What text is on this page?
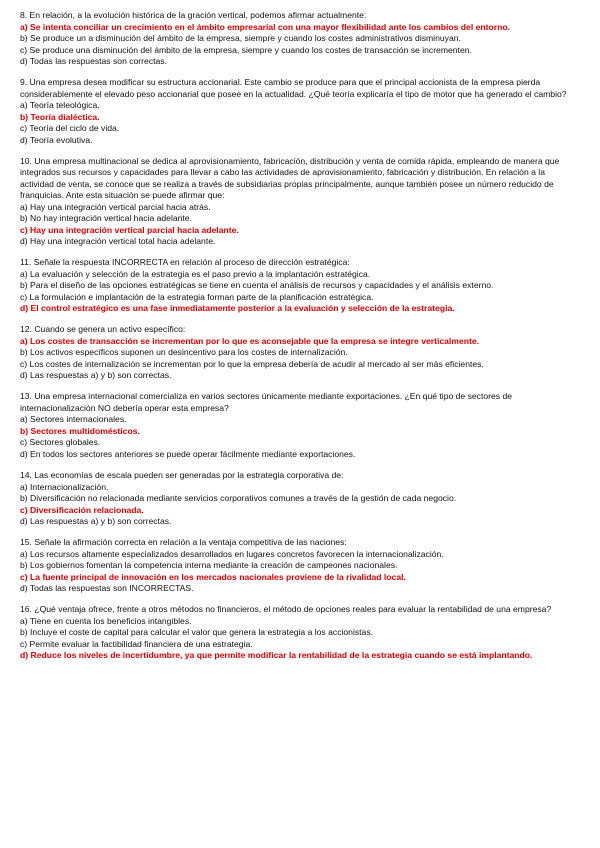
8. En relación, a la evolución histórica de la gración vertical, podemos afirmar actualmente:

a) Se intenta conciliar un crecimiento en el ámbito empresarial con una mayor flexibilidad ante los cambios del entorno.

b) Se produce un a disminución del ámbito de la empresa, siempre y cuando los costes administrativos disminuyan.

c) Se produce una disminución del ámbito de la empresa, siempre y cuando los costes de transacción se incrementen.

d) Todas las respuestas son correctas.

9. Una empresa desea modificar su estructura accionarial. Este cambio se produce para que el principal accionista de la empresa pierda considerablemente el elevado peso accionarial que posee en la actualidad. ¿Qué teoría explicaría el tipo de motor que ha generado el cambio?

a) Teoría teleológica.

b) Teoría dialéctica.

c) Teoría del ciclo de vida.

d) Teoría evolutiva.

10. Una empresa multinacional se dedica al aprovisionamiento, fabricación, distribución y venta de comida rápida, empleando de manera que integrados sus recursos y capacidades para llevar a cabo las actividades de aprovisionamiento, fabricación y distribución. En relación a la actividad de venta, se conoce que se realiza a través de subsidiarias propias principalmente, aunque también posee un número reducido de franquicias. Ante esta situación se puede afirmar que:

a) Hay una integración vertical parcial hacia atrás.

b) No hay integración vertical hacia adelante.

c) Hay una integración vertical parcial hacia adelante.

d) Hay una integración vertical total hacia adelante.

11. Señale la respuesta INCORRECTA en relación al proceso de dirección estratégica:

a) La evaluación y selección de la estrategia es el paso previo a la implantación estratégica.

b) Para el diseño de las opciones estratégicas se tiene en cuenta el análisis de recursos y capacidades y el análisis externo.

c) La formulación e implantación de la estrategia forman parte de la planificación estratégica.

d) El control estratégico es una fase inmediatamente posterior a la evaluación y selección de la estrategia.

12. Cuando se genera un activo específico:

a) Los costes de transacción se incrementan por lo que es aconsejable que la empresa se integre verticalmente.

b) Los activos específicos suponen un desincentivo para los costes de internalización.

c) Los costes de internalización se incrementan por lo que la empresa debería de acudir al mercado al ser más eficientes.

d) Las respuestas a) y b) son correctas.

13. Una empresa internacional comercializa en varios sectores únicamente mediante exportaciones. ¿En qué tipo de sectores de internacionalización NO debería operar esta empresa?

a) Sectores internacionales.

b) Sectores multidomésticos.

c) Sectores globales.

d) En todos los sectores anteriores se puede operar fácilmente mediante exportaciones.

14. Las economías de escala pueden ser generadas por la estrategia corporativa de:

a) Internacionalización.

b) Diversificación no relacionada mediante servicios corporativos comunes a través de la gestión de cada negocio.

c) Diversificación relacionada.

d) Las respuestas a) y b) son correctas.

15. Señale la afirmación correcta en relación a la ventaja competitiva de las naciones:

a) Los recursos altamente especializados desarrollados en lugares concretos favorecen la internacionalización.

b) Los gobiernos fomentan la competencia interna mediante la creación de campeones nacionales.

c) La fuente principal de innovación en los mercados nacionales proviene de la rivalidad local.

d) Todas las respuestas son INCORRECTAS.

16. ¿Qué ventaja ofrece, frente a otros métodos no financieros, el método de opciones reales para evaluar la rentabilidad de una empresa?

a) Tiene en cuenta los beneficios intangibles.

b) Incluye el coste de capital para calcular el valor que genera la estrategia a los accionistas.

c) Permite evaluar la factibilidad financiera de una estrategia.

d) Reduce los niveles de incertidumbre, ya que permite modificar la rentabilidad de la estrategia cuando se está implantando.
